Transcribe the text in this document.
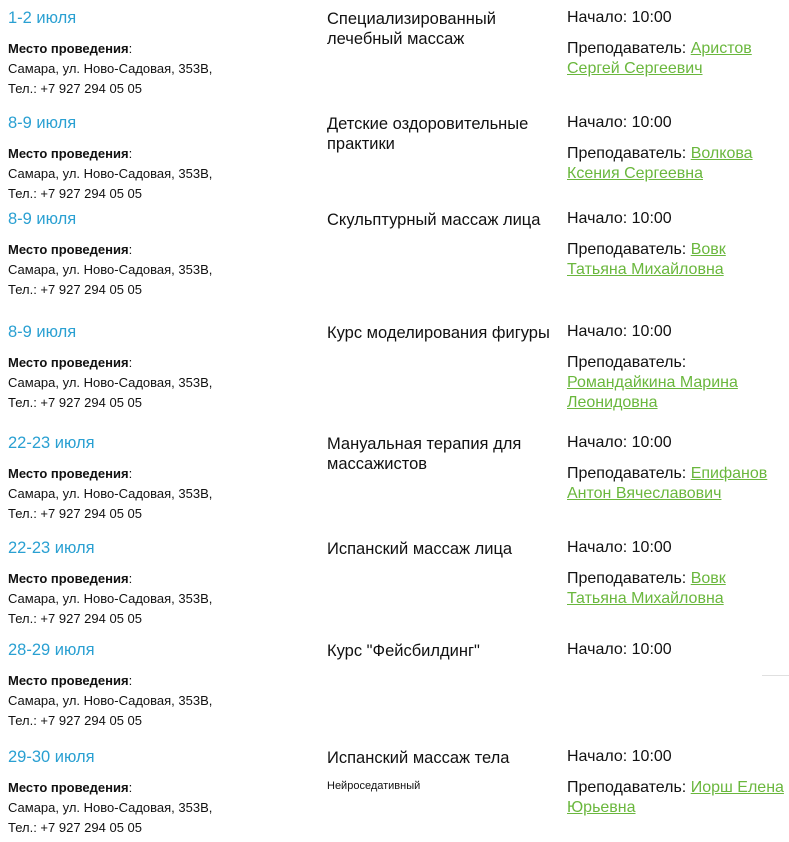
1-2 июля
Место проведения:
Самара, ул. Ново-Садовая, 353В,
Тел.: +7 927 294 05 05
Специализированный лечебный массаж
Начало: 10:00
Преподаватель: Аристов Сергей Сергеевич
8-9 июля
Место проведения:
Самара, ул. Ново-Садовая, 353В,
Тел.: +7 927 294 05 05
Детские оздоровительные практики
Начало: 10:00
Преподаватель: Волкова Ксения Сергеевна
8-9 июля
Место проведения:
Самара, ул. Ново-Садовая, 353В,
Тел.: +7 927 294 05 05
Скульптурный массаж лица	Начало: 10:00
Преподаватель: Вовк Татьяна Михайловна
8-9 июля
Место проведения:
Самара, ул. Ново-Садовая, 353В,
Тел.: +7 927 294 05 05
Курс моделирования фигуры	Начало: 10:00
Преподаватель: Романдайкина Марина Леонидовна
22-23 июля
Место проведения:
Самара, ул. Ново-Садовая, 353В,
Тел.: +7 927 294 05 05
Мануальная терапия для массажистов
Начало: 10:00
Преподаватель: Епифанов Антон Вячеславович
22-23 июля
Место проведения:
Самара, ул. Ново-Садовая, 353В,
Тел.: +7 927 294 05 05
Испанский массаж лица	Начало: 10:00
Преподаватель: Вовк Татьяна Михайловна
28-29 июля
Место проведения:
Самара, ул. Ново-Садовая, 353В,
Тел.: +7 927 294 05 05
Курс "Фейсбилдинг"	Начало: 10:00
29-30 июля
Место проведения:
Самара, ул. Ново-Садовая, 353В,
Тел.: +7 927 294 05 05
Испанский массаж тела
Нейроседативный
Начало: 10:00
Преподаватель: Иорш Елена Юрьевна
